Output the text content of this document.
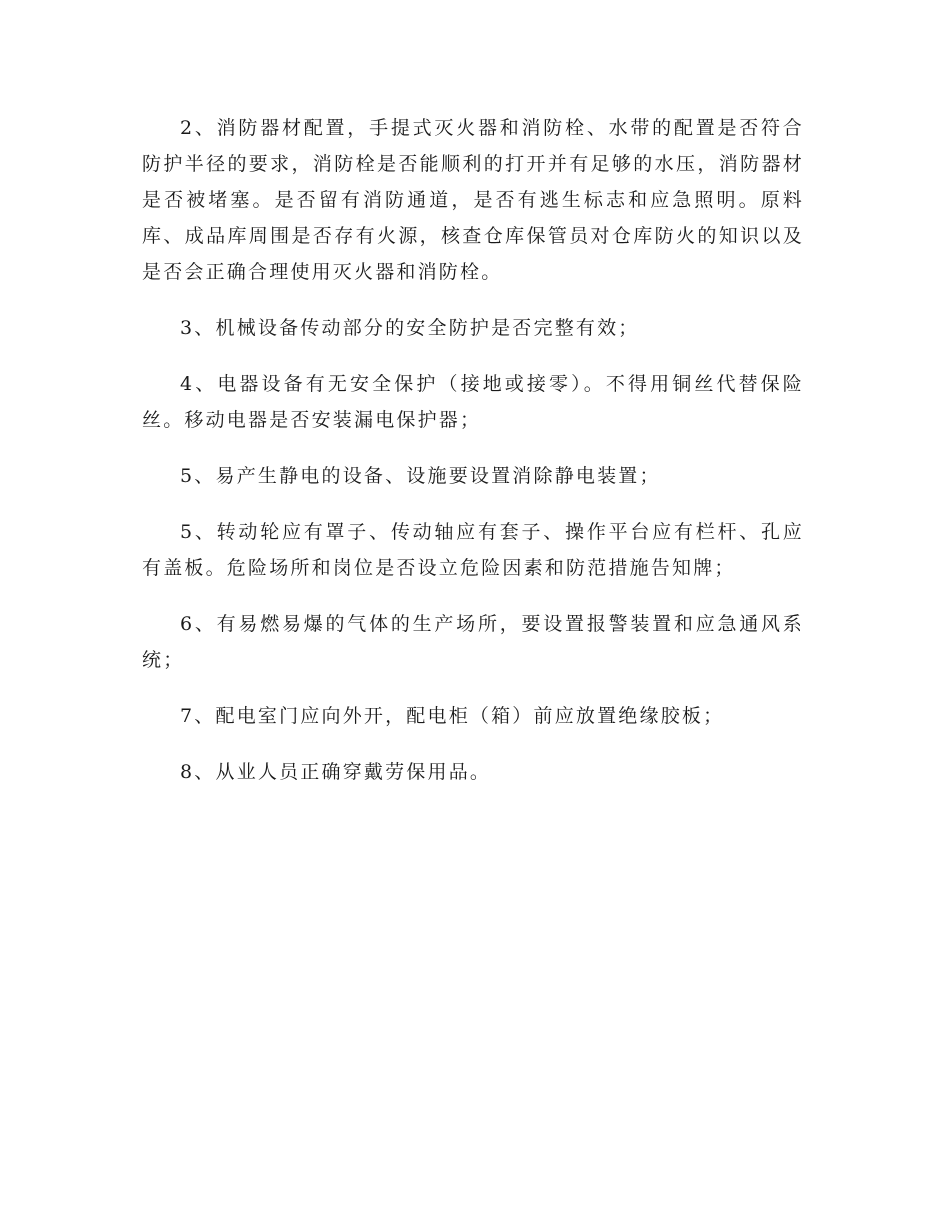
2、消防器材配置，手提式灭火器和消防栓、水带的配置是否符合防护半径的要求，消防栓是否能顺利的打开并有足够的水压，消防器材是否被堵塞。是否留有消防通道，是否有逃生标志和应急照明。原料库、成品库周围是否存有火源，核查仓库保管员对仓库防火的知识以及是否会正确合理使用灭火器和消防栓。

3、机械设备传动部分的安全防护是否完整有效；

4、电器设备有无安全保护（接地或接零）。不得用铜丝代替保险丝。移动电器是否安装漏电保护器；

5、易产生静电的设备、设施要设置消除静电装置；

5、转动轮应有罩子、传动轴应有套子、操作平台应有栏杆、孔应有盖板。危险场所和岗位是否设立危险因素和防范措施告知牌；

6、有易燃易爆的气体的生产场所，要设置报警装置和应急通风系统；

7、配电室门应向外开，配电柜（箱）前应放置绝缘胶板；

8、从业人员正确穿戴劳保用品。
